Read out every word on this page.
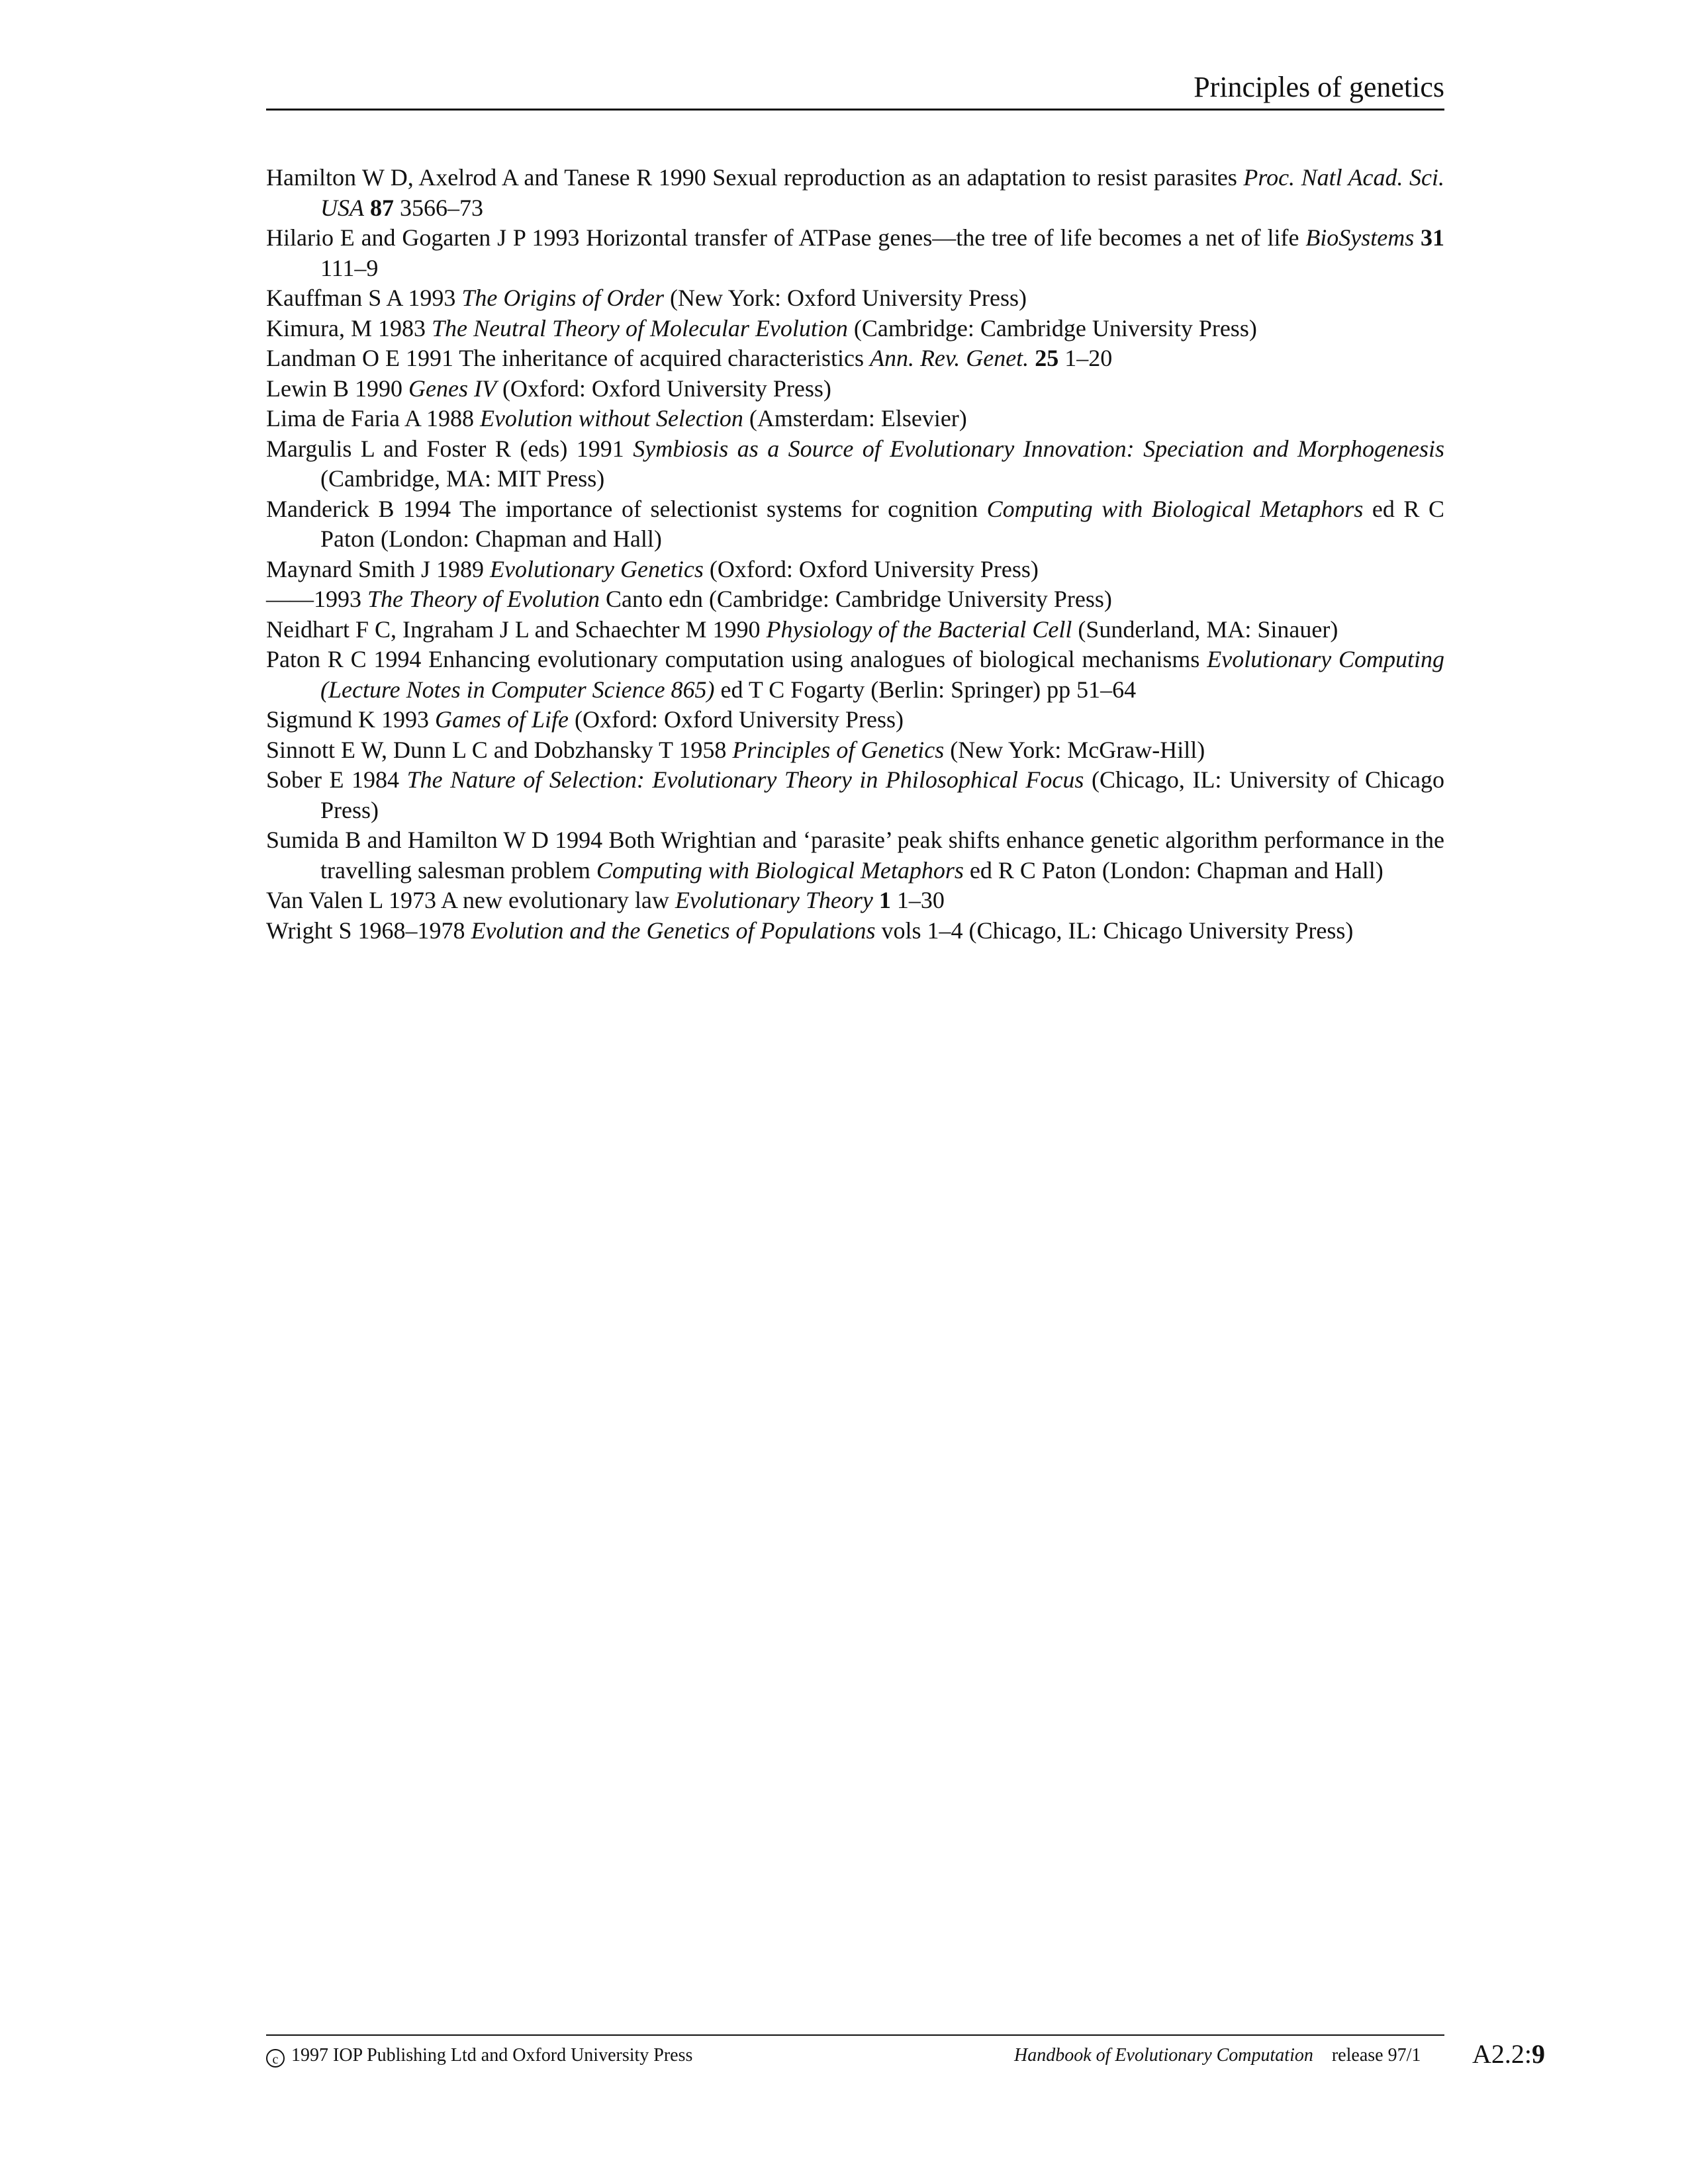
Principles of genetics
Hamilton W D, Axelrod A and Tanese R 1990 Sexual reproduction as an adaptation to resist parasites Proc. Natl Acad. Sci. USA 87 3566–73
Hilario E and Gogarten J P 1993 Horizontal transfer of ATPase genes—the tree of life becomes a net of life BioSystems 31 111–9
Kauffman S A 1993 The Origins of Order (New York: Oxford University Press)
Kimura, M 1983 The Neutral Theory of Molecular Evolution (Cambridge: Cambridge University Press)
Landman O E 1991 The inheritance of acquired characteristics Ann. Rev. Genet. 25 1–20
Lewin B 1990 Genes IV (Oxford: Oxford University Press)
Lima de Faria A 1988 Evolution without Selection (Amsterdam: Elsevier)
Margulis L and Foster R (eds) 1991 Symbiosis as a Source of Evolutionary Innovation: Speciation and Morphogenesis (Cambridge, MA: MIT Press)
Manderick B 1994 The importance of selectionist systems for cognition Computing with Biological Metaphors ed R C Paton (London: Chapman and Hall)
Maynard Smith J 1989 Evolutionary Genetics (Oxford: Oxford University Press)
——1993 The Theory of Evolution Canto edn (Cambridge: Cambridge University Press)
Neidhart F C, Ingraham J L and Schaechter M 1990 Physiology of the Bacterial Cell (Sunderland, MA: Sinauer)
Paton R C 1994 Enhancing evolutionary computation using analogues of biological mechanisms Evolutionary Computing (Lecture Notes in Computer Science 865) ed T C Fogarty (Berlin: Springer) pp 51–64
Sigmund K 1993 Games of Life (Oxford: Oxford University Press)
Sinnott E W, Dunn L C and Dobzhansky T 1958 Principles of Genetics (New York: McGraw-Hill)
Sober E 1984 The Nature of Selection: Evolutionary Theory in Philosophical Focus (Chicago, IL: University of Chicago Press)
Sumida B and Hamilton W D 1994 Both Wrightian and ‘parasite’ peak shifts enhance genetic algorithm performance in the travelling salesman problem Computing with Biological Metaphors ed R C Paton (London: Chapman and Hall)
Van Valen L 1973 A new evolutionary law Evolutionary Theory 1 1–30
Wright S 1968–1978 Evolution and the Genetics of Populations vols 1–4 (Chicago, IL: Chicago University Press)
c 1997 IOP Publishing Ltd and Oxford University Press	Handbook of Evolutionary Computation release 97/1 A2.2:9
